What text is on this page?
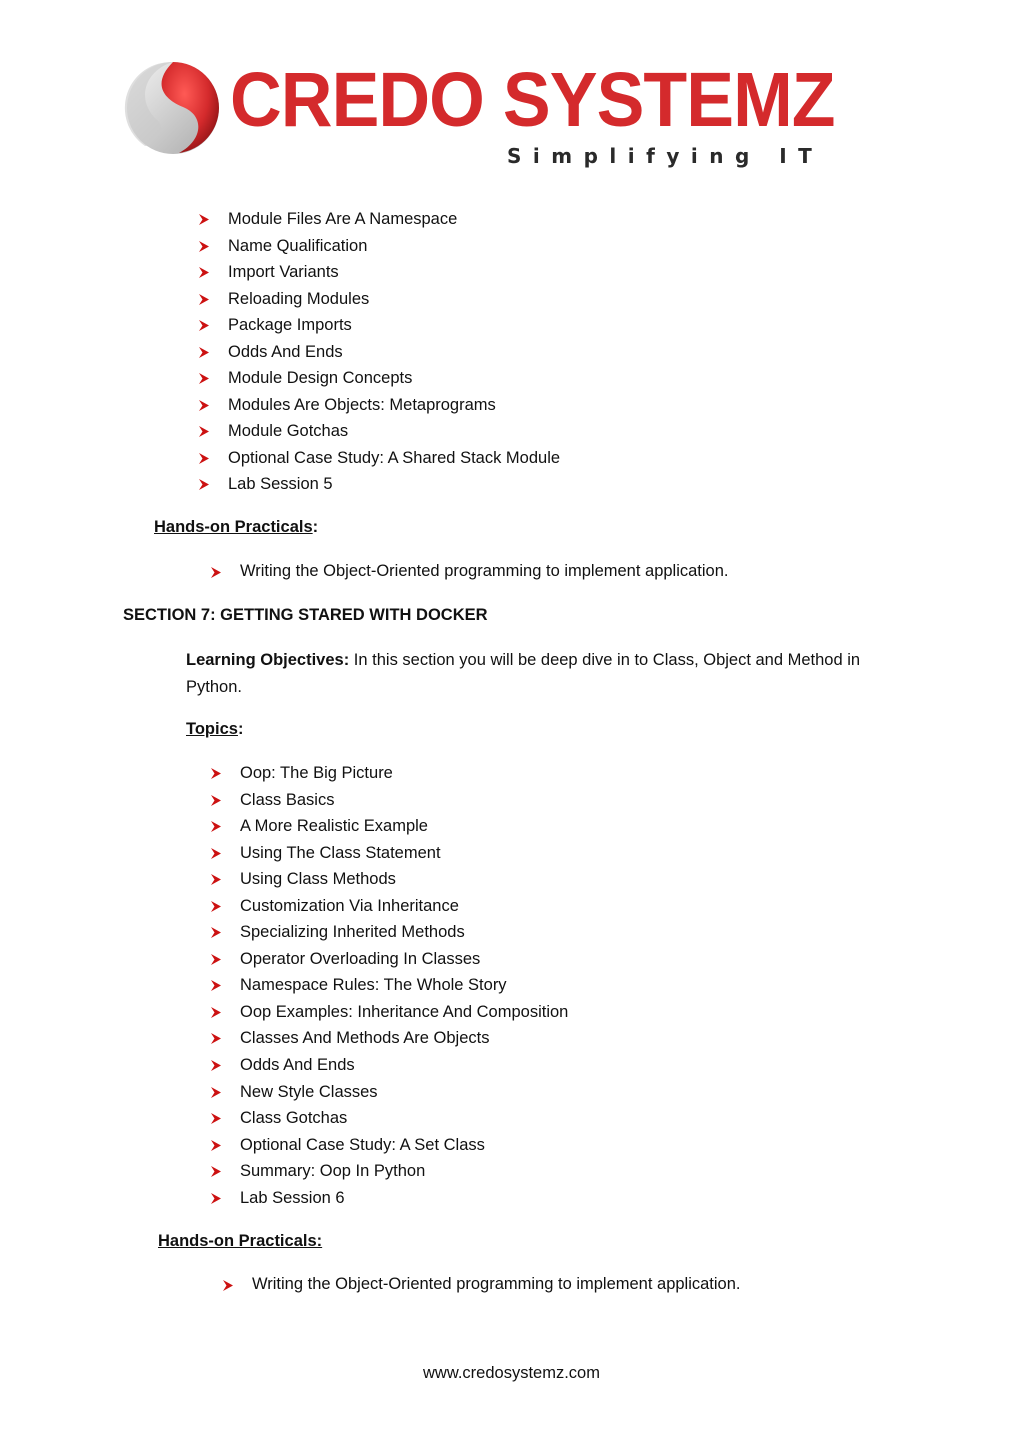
CREDO SYSTEMZ
Simplifying IT
Module Files Are A Namespace
Name Qualification
Import Variants
Reloading Modules
Package Imports
Odds And Ends
Module Design Concepts
Modules Are Objects: Metaprograms
Module Gotchas
Optional Case Study: A Shared Stack Module
Lab Session 5
Hands-on Practicals:
Writing the Object-Oriented programming to implement application.
SECTION 7: GETTING STARED WITH DOCKER
Learning Objectives: In this section you will be deep dive in to Class, Object and Method in Python.
Topics:
Oop: The Big Picture
Class Basics
A More Realistic Example
Using The Class Statement
Using Class Methods
Customization Via Inheritance
Specializing Inherited Methods
Operator Overloading In Classes
Namespace Rules: The Whole Story
Oop Examples: Inheritance And Composition
Classes And Methods Are Objects
Odds And Ends
New Style Classes
Class Gotchas
Optional Case Study: A Set Class
Summary: Oop In Python
Lab Session 6
Hands-on Practicals:
Writing the Object-Oriented programming to implement application.
www.credosystemz.com
